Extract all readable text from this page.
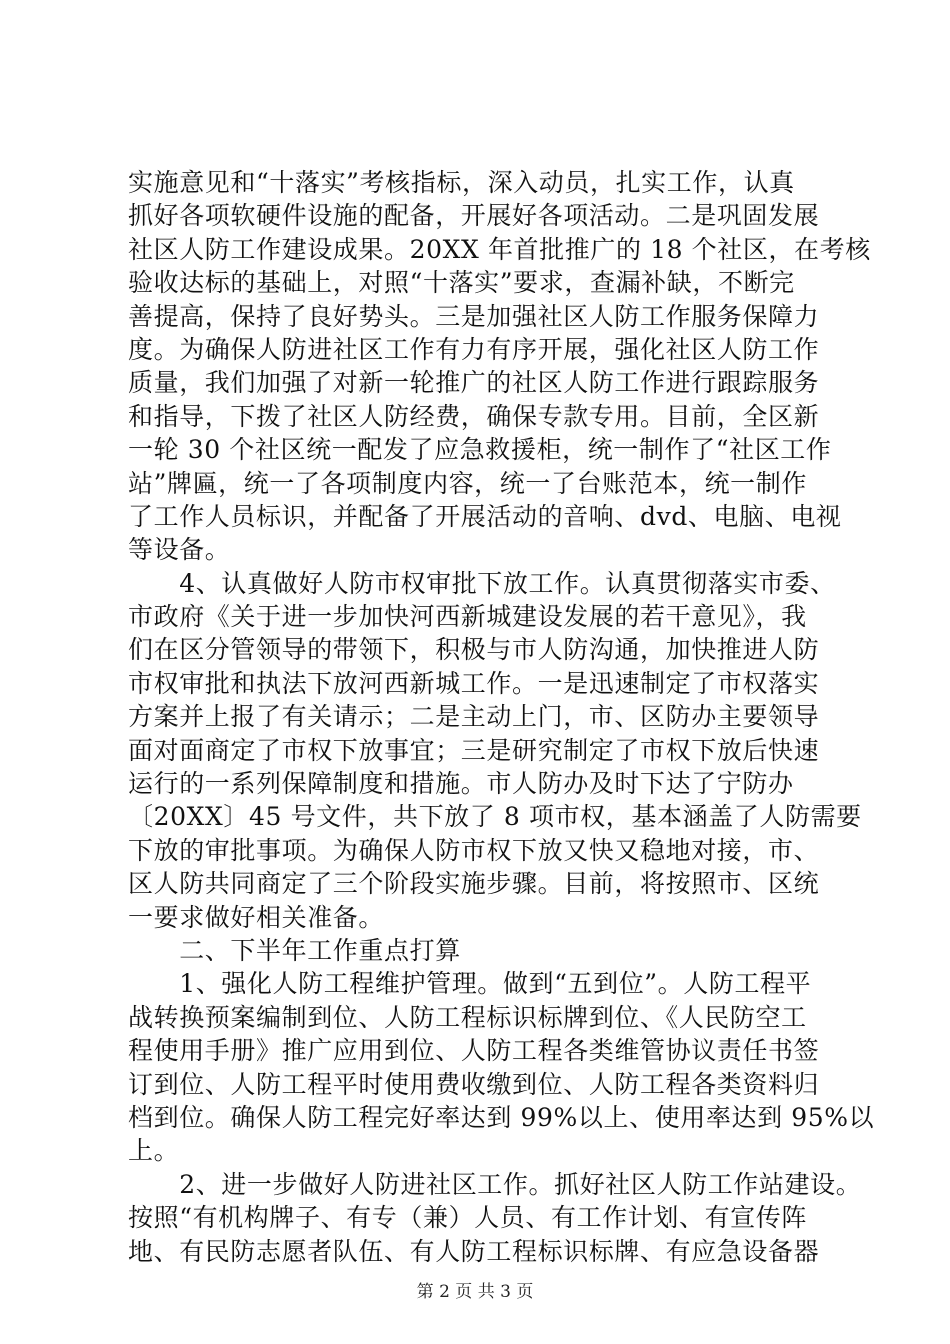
实施意见和“十落实”考核指标，深入动员，扎实工作，认真
抓好各项软硬件设施的配备，开展好各项活动。二是巩固发展
社区人防工作建设成果。20XX 年首批推广的 18 个社区，在考核
验收达标的基础上，对照“十落实”要求，查漏补缺，不断完
善提高，保持了良好势头。三是加强社区人防工作服务保障力
度。为确保人防进社区工作有力有序开展，强化社区人防工作
质量，我们加强了对新一轮推广的社区人防工作进行跟踪服务
和指导，下拨了社区人防经费，确保专款专用。目前，全区新
一轮 30 个社区统一配发了应急救援柜，统一制作了“社区工作
站”牌匾，统一了各项制度内容，统一了台账范本，统一制作
了工作人员标识，并配备了开展活动的音响、dvd、电脑、电视
等设备。
　　4、认真做好人防市权审批下放工作。认真贯彻落实市委、
市政府《关于进一步加快河西新城建设发展的若干意见》，我
们在区分管领导的带领下，积极与市人防沟通，加快推进人防
市权审批和执法下放河西新城工作。一是迅速制定了市权落实
方案并上报了有关请示；二是主动上门，市、区防办主要领导
面对面商定了市权下放事宜；三是研究制定了市权下放后快速
运行的一系列保障制度和措施。市人防办及时下达了宁防办
〔20XX〕45 号文件，共下放了 8 项市权，基本涵盖了人防需要
下放的审批事项。为确保人防市权下放又快又稳地对接，市、
区人防共同商定了三个阶段实施步骤。目前，将按照市、区统
一要求做好相关准备。
　　二、下半年工作重点打算
　　1、强化人防工程维护管理。做到“五到位”。人防工程平
战转换预案编制到位、人防工程标识标牌到位、《人民防空工
程使用手册》推广应用到位、人防工程各类维管协议责任书签
订到位、人防工程平时使用费收缴到位、人防工程各类资料归
档到位。确保人防工程完好率达到 99%以上、使用率达到 95%以
上。
　　2、进一步做好人防进社区工作。抓好社区人防工作站建设。
按照“有机构牌子、有专（兼）人员、有工作计划、有宣传阵
地、有民防志愿者队伍、有人防工程标识标牌、有应急设备器
第 2 页 共 3 页
